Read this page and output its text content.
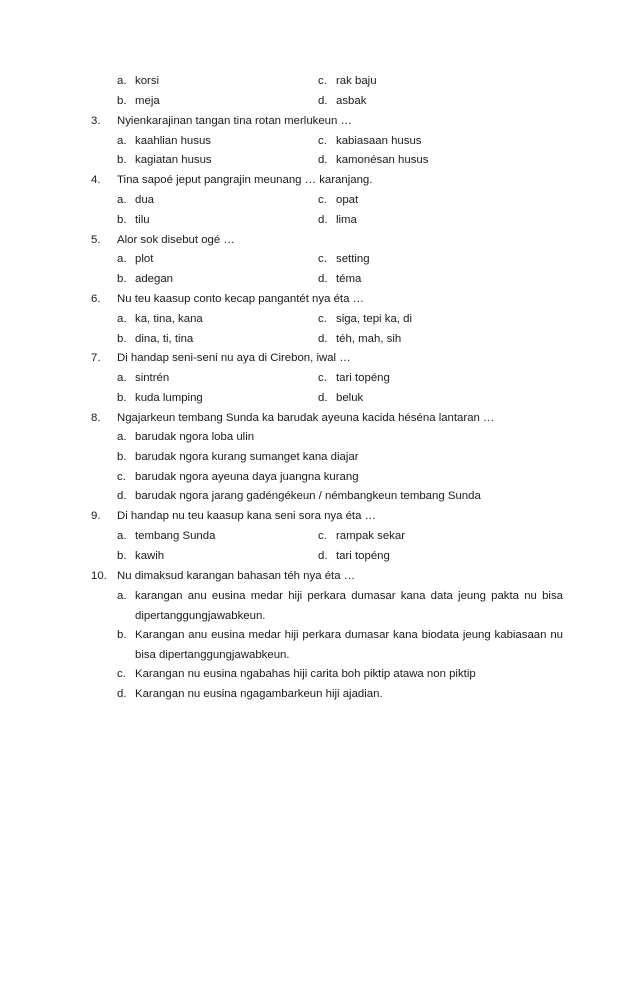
a. korsi	c. rak baju
b. meja	d. asbak
3. Nyienkarajinan tangan tina rotan merlukeun …
a. kaahlian husus	c. kabiasaan husus
b. kagiatan husus	d. kamonésan husus
4. Tina sapoé jeput pangrajin meunang … karanjang.
a. dua	c. opat
b. tilu	d. lima
5. Alor sok disebut ogé …
a. plot	c. setting
b. adegan	d. téma
6. Nu teu kaasup conto kecap pangantét nya éta …
a. ka, tina, kana	c. siga, tepi ka, di
b. dina, ti, tina	d. téh, mah, sih
7. Di handap seni-seni nu aya di Cirebon, iwal …
a. sintrén	c. tari topéng
b. kuda lumping	d. beluk
8. Ngajarkeun tembang Sunda ka barudak ayeuna kacida héséna lantaran …
a. barudak ngora loba ulin
b. barudak ngora kurang sumanget kana diajar
c. barudak ngora ayeuna daya juangna kurang
d. barudak ngora jarang gadéngékeun / némbangkeun tembang Sunda
9. Di handap nu teu kaasup kana seni sora nya éta …
a. tembang Sunda	c. rampak sekar
b. kawih	d. tari topéng
10. Nu dimaksud karangan bahasan téh nya éta …
a. karangan anu eusina medar hiji perkara dumasar kana data jeung pakta nu bisa dipertanggungjawabkeun.
b. Karangan anu eusina medar hiji perkara dumasar kana biodata jeung kabiasaan nu bisa dipertanggungjawabkeun.
c. Karangan nu eusina ngabahas hiji carita boh piktip atawa non piktip
d. Karangan nu eusina ngagambarkeun hiji ajadian.
